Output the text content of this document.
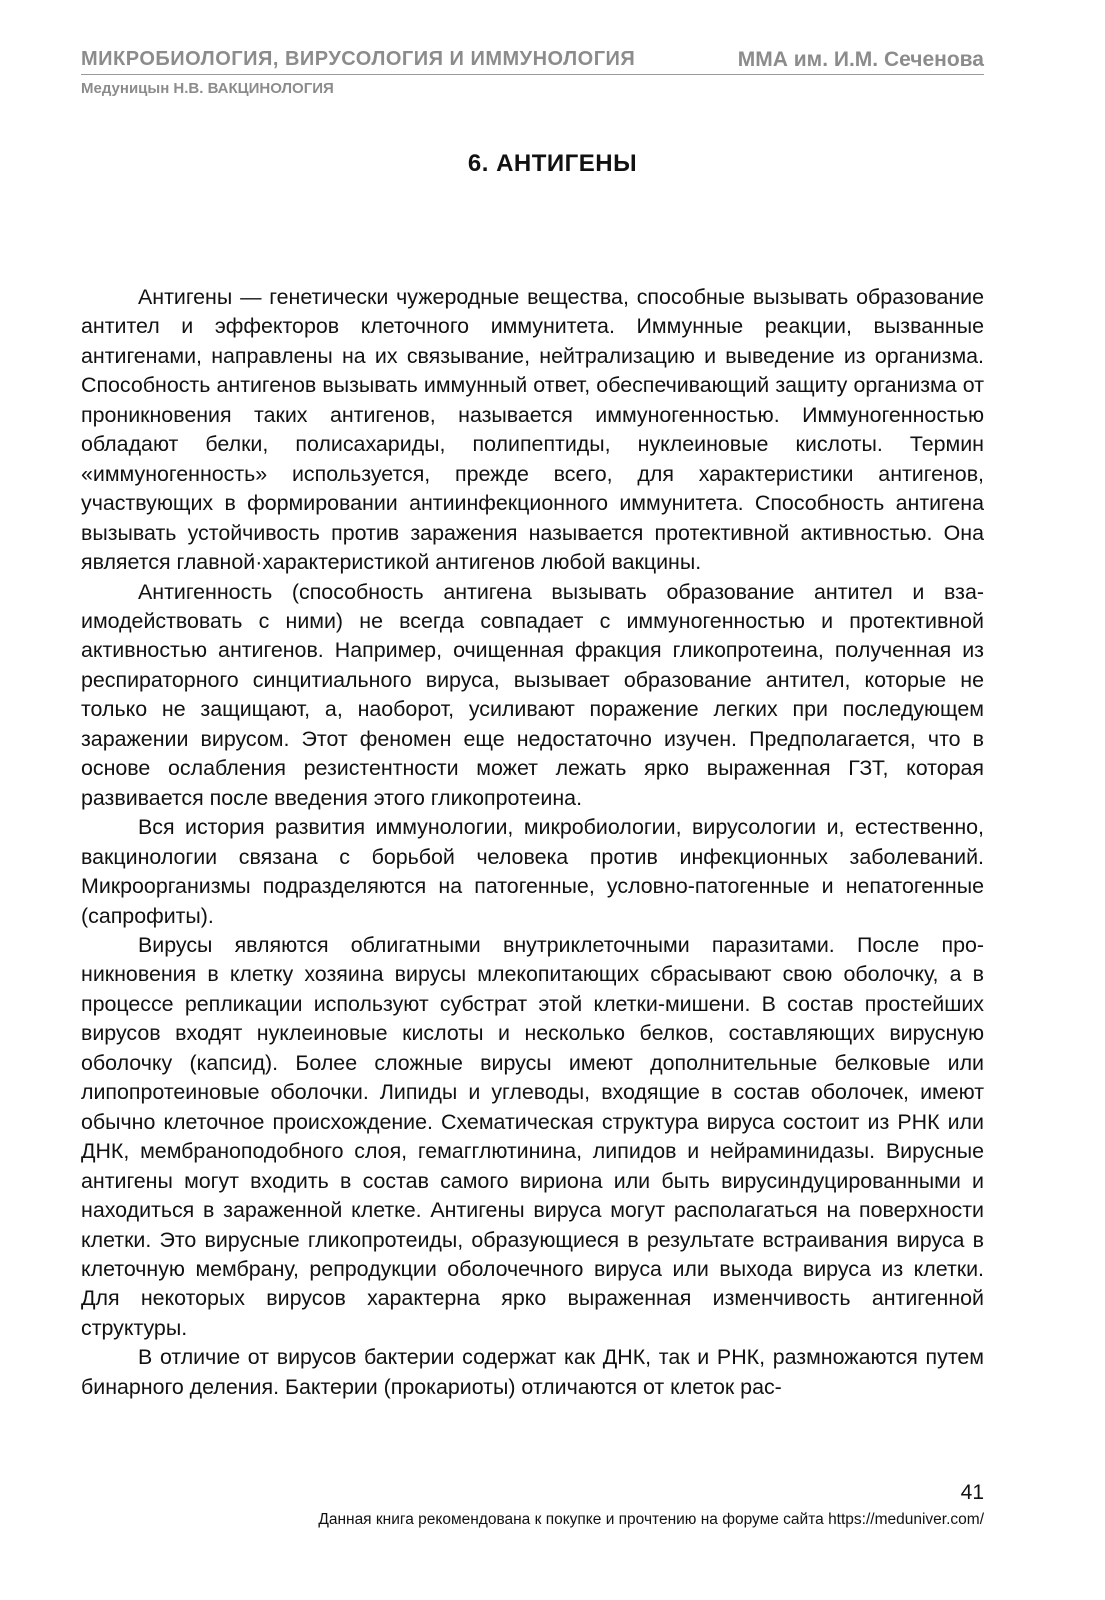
МИКРОБИОЛОГИЯ, ВИРУСОЛОГИЯ И ИММУНОЛОГИЯ	ММА им. И.М. Сеченова
Медуницын Н.В. ВАКЦИНОЛОГИЯ
6. АНТИГЕНЫ

Антигены — генетически чужеродные вещества, способные вызывать образование антител и эффекторов клеточного иммунитета. Иммунные реакции, вызванные антигенами, направлены на их связывание, нейтрализацию и выведение из организма. Способность антигенов вызывать иммунный ответ, обеспечивающий защиту организма от проникновения таких антигенов, называется иммуногенностью. Иммуногенностью обладают белки, полисахариды, полипептиды, нуклеиновые кислоты. Термин «иммуногенность» используется, прежде всего, для характеристики антигенов, участвующих в формировании антиинфекционного иммунитета. Способность антигена вызывать устойчивость против заражения называется протективной активностью. Она является главной·характеристикой антигенов любой вакцины.

Антигенность (способность антигена вызывать образование антител и взаимодействовать с ними) не всегда совпадает с иммуногенностью и протективной активностью антигенов. Например, очищенная фракция гликопротеина, полученная из респираторного синцитиального вируса, вызывает образование антител, которые не только не защищают, а, наоборот, усиливают поражение легких при последующем заражении вирусом. Этот феномен еще недостаточно изучен. Предполагается, что в основе ослабления резистентности может лежать ярко выраженная ГЗТ, которая развивается после введения этого гликопротеина.

Вся история развития иммунологии, микробиологии, вирусологии и, естественно, вакцинологии связана с борьбой человека против инфекционных заболеваний. Микроорганизмы подразделяются на патогенные, условно-патогенные и непатогенные (сапрофиты).

Вирусы являются облигатными внутриклеточными паразитами. После проникновения в клетку хозяина вирусы млекопитающих сбрасывают свою оболочку, а в процессе репликации используют субстрат этой клетки-мишени. В состав простейших вирусов входят нуклеиновые кислоты и несколько белков, составляющих вирусную оболочку (капсид). Более сложные вирусы имеют дополнительные белковые или липопротеиновые оболочки. Липиды и углеводы, входящие в состав оболочек, имеют обычно клеточное происхождение. Схематическая структура вируса состоит из РНК или ДНК, мембраноподобного слоя, гемагглютинина, липидов и нейраминидазы. Вирусные антигены могут входить в состав самого вириона или быть вирусиндуцированными и находиться в зараженной клетке. Антигены вируса могут располагаться на поверхности клетки. Это вирусные гликопротеиды, образующиеся в результате встраивания вируса в клеточную мембрану, репродукции оболочечного вируса или выхода вируса из клетки. Для некоторых вирусов характерна ярко выраженная изменчивость антигенной структуры.

В отличие от вирусов бактерии содержат как ДНК, так и РНК, размножаются путем бинарного деления. Бактерии (прокариоты) отличаются от клеток рас-

41
Данная книга рекомендована к покупке и прочтению на форуме сайта https://meduniver.com/
